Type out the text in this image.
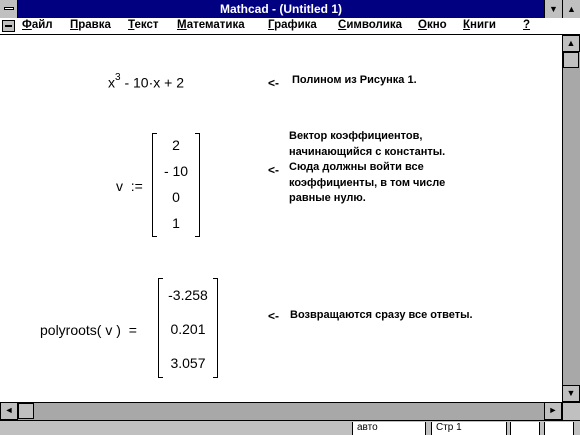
Mathcad - (Untitled 1)	▼	▲
Файл Правка Текст Математика Графика Символика Окно Книги ?
$x^3 - 10\cdot x + 2$	<- Полином из Рисунка 1.
v  :=
2
- 10
0
1
<-
Вектор коэффициентов,
начинающийся с константы.
Сюда должны войти все
коэффициенты, в том числе
равные нулю.
polyroots( v )  =
-3.258
0.201
3.057
<- Возвращаются сразу все ответы.
▲
▼
◄	►
авто	Стр 1
